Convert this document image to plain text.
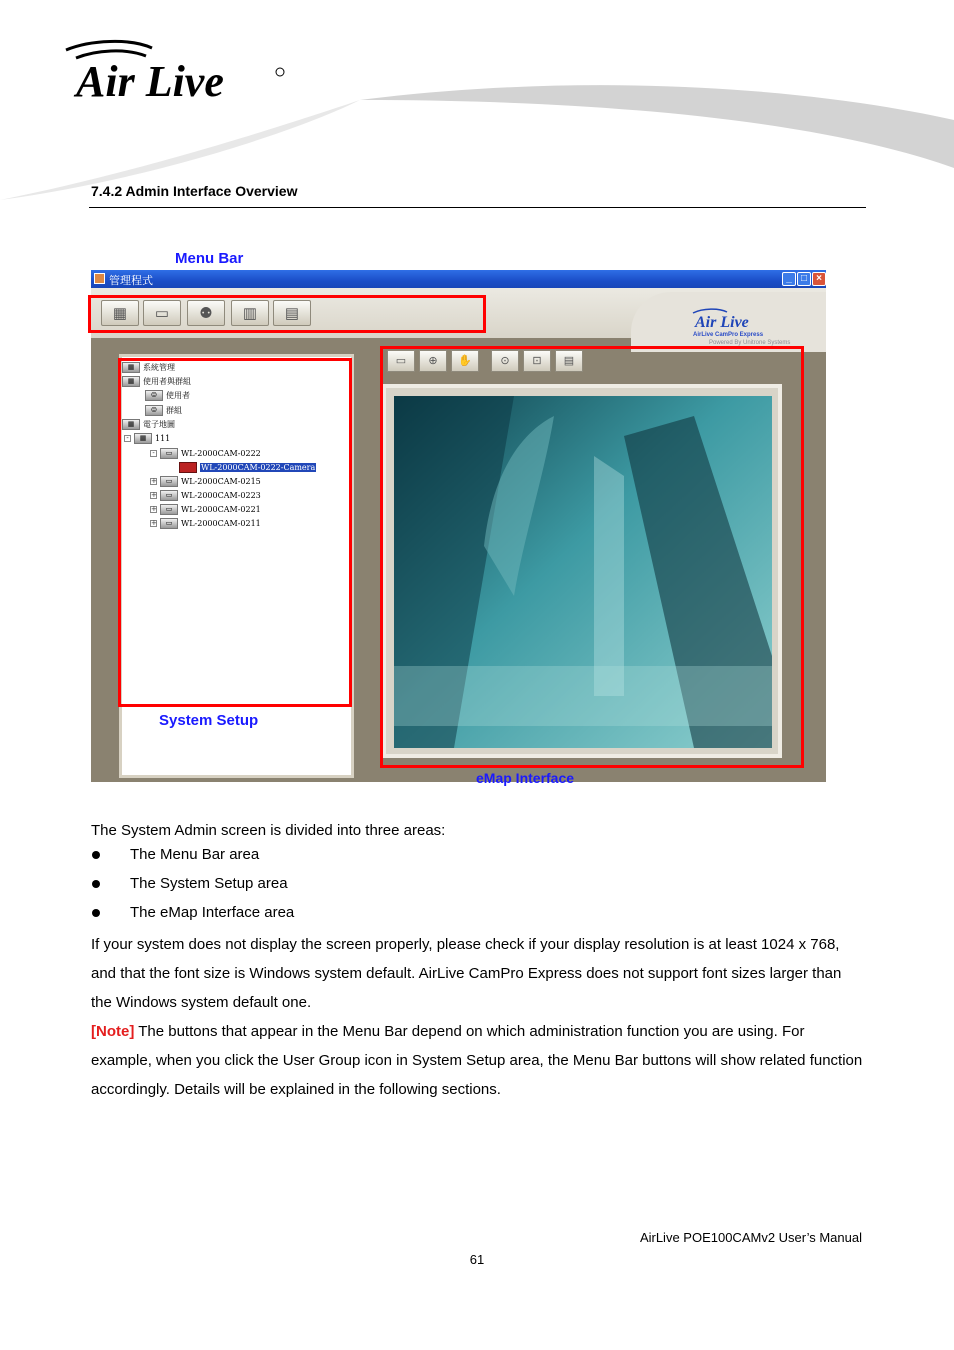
Air Live
7.4.2 Admin Interface Overview
Menu Bar
管理程式	_ □ ×
▦	▭	⚉	▥	▤
Air Live
AirLive CamPro Express
Powered By Unitrone Systems
▦	系統管理
▦	使用者與群組
☺	使用者
☺	群組
▦	電子地圖
-	▦	111
-	▭	WL-2000CAM-0222
WL-2000CAM-0222-Camera
+	▭	WL-2000CAM-0215
+	▭	WL-2000CAM-0223
+	▭	WL-2000CAM-0221
+	▭	WL-2000CAM-0211
▭	⊕	✋	⊙	⊡	▤
System Setup
eMap Interface
The System Admin screen is divided into three areas:
The Menu Bar area
The System Setup area
The eMap Interface area
If your system does not display the screen properly, please check if your display resolution is at least 1024 x 768, and that the font size is Windows system default. AirLive CamPro Express does not support font sizes larger than the Windows system default one.
[Note] The buttons that appear in the Menu Bar depend on which administration function you are using. For example, when you click the User Group icon in System Setup area, the Menu Bar buttons will show related function accordingly. Details will be explained in the following sections.
AirLive POE100CAMv2 User’s Manual
61
